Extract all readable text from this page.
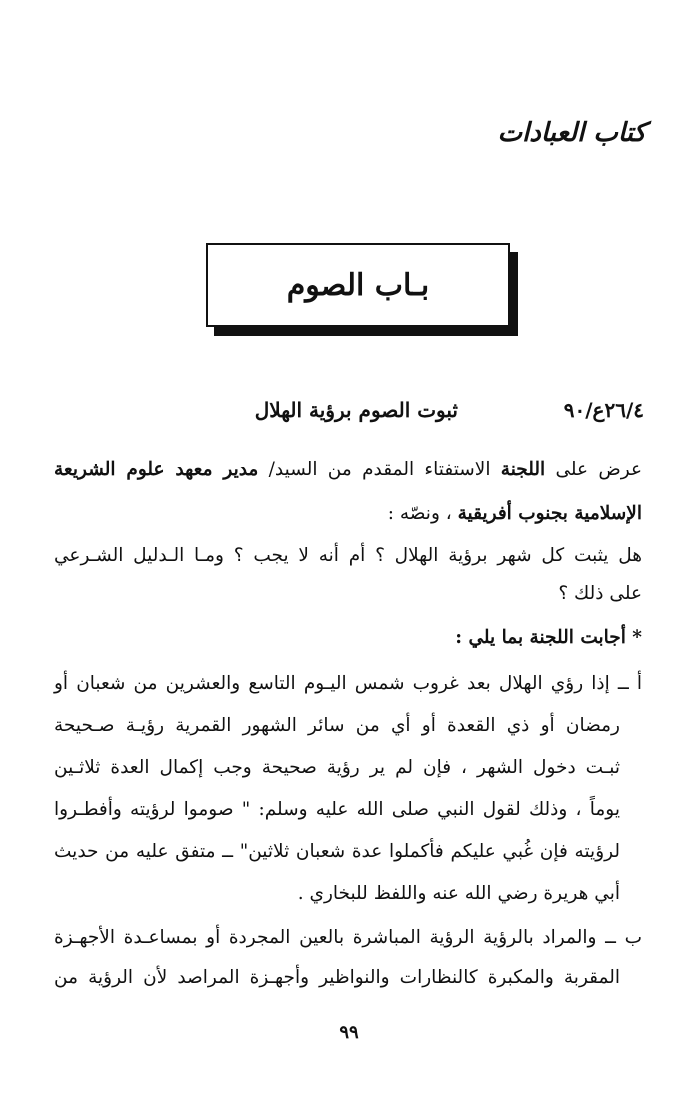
كتاب العبادات
بـاب الصوم
٢٦/٤ع/٩٠
ثبوت الصوم برؤية الهلال
عرض على اللجنة الاستفتاء المقدم من السيد/ مدير معهد علوم الشريعة
الإسلامية بجنوب أفريقية ، ونصّه :
هل يثبت كل شهر برؤية الهلال ؟ أم أنه لا يجب ؟ ومـا الـدليل الشـرعي
على ذلك ؟
* أجابت اللجنة بما يلي :
أ ــ إذا رؤي الهلال بعد غروب شمس اليـوم التاسع والعشرين من شعبان أو
رمضان أو ذي القعدة أو أي من سائر الشهور القمرية رؤيـة صـحيحة
ثبـت دخول الشهر ، فإن لم ير رؤية صحيحة وجب إكمال العدة ثلاثـين
يوماً ، وذلك لقول النبي صلى الله عليه وسلم: " صوموا لرؤيته وأفطـروا
لرؤيته فإن غُبي عليكم فأكملوا عدة شعبان ثلاثين" ــ متفق عليه من حديث
أبي هريرة رضي الله عنه واللفظ للبخاري .
ب ــ والمراد بالرؤية الرؤية المباشرة بالعين المجردة أو بمساعـدة الأجهـزة
المقربة والمكبرة كالنظارات والنواظير وأجهـزة المراصد لأن الرؤية من
٩٩
